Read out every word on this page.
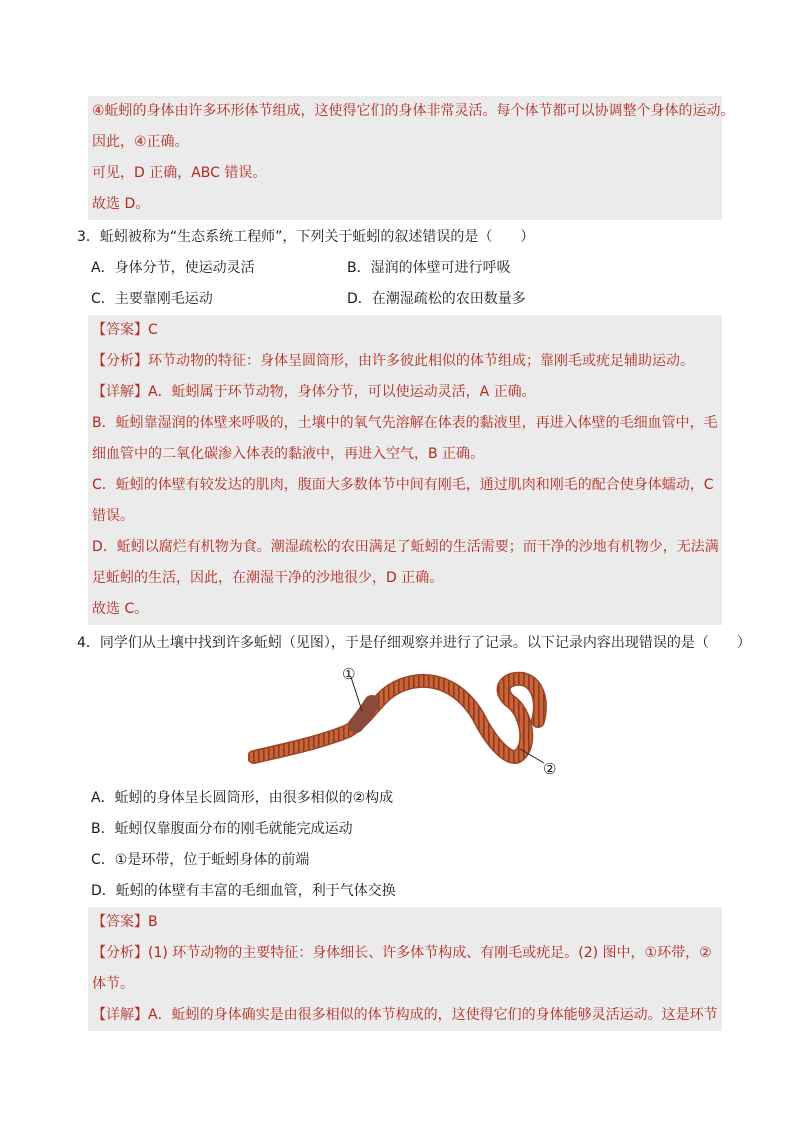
④蚯蚓的身体由许多环形体节组成，这使得它们的身体非常灵活。每个体节都可以协调整个身体的运动。
因此，④正确。
可见，D 正确，ABC 错误。
故选 D。
3．蚯蚓被称为“生态系统工程师”，下列关于蚯蚓的叙述错误的是（　　）
A．身体分节，使运动灵活	B．湿润的体壁可进行呼吸
C．主要靠刚毛运动	D．在潮湿疏松的农田数量多
【答案】C
【分析】环节动物的特征：身体呈圆筒形，由许多彼此相似的体节组成；靠刚毛或疣足辅助运动。
【详解】A．蚯蚓属于环节动物，身体分节，可以使运动灵活，A 正确。
B．蚯蚓靠湿润的体壁来呼吸的，土壤中的氧气先溶解在体表的黏液里，再进入体壁的毛细血管中，毛
细血管中的二氧化碳渗入体表的黏液中，再进入空气，B 正确。
C．蚯蚓的体壁有较发达的肌肉，腹面大多数体节中间有刚毛，通过肌肉和刚毛的配合使身体蠕动，C
错误。
D．蚯蚓以腐烂有机物为食。潮湿疏松的农田满足了蚯蚓的生活需要；而干净的沙地有机物少，无法满
足蚯蚓的生活，因此，在潮湿干净的沙地很少，D 正确。
故选 C。
4．同学们从土壤中找到许多蚯蚓（见图），于是仔细观察并进行了记录。以下记录内容出现错误的是（　　）
①
②
A．蚯蚓的身体呈长圆筒形，由很多相似的②构成
B．蚯蚓仅靠腹面分布的刚毛就能完成运动
C．①是环带，位于蚯蚓身体的前端
D．蚯蚓的体壁有丰富的毛细血管，利于气体交换
【答案】B
【分析】(1) 环节动物的主要特征：身体细长、许多体节构成、有刚毛或疣足。(2) 图中，①环带，②
体节。
【详解】A．蚯蚓的身体确实是由很多相似的体节构成的，这使得它们的身体能够灵活运动。这是环节
